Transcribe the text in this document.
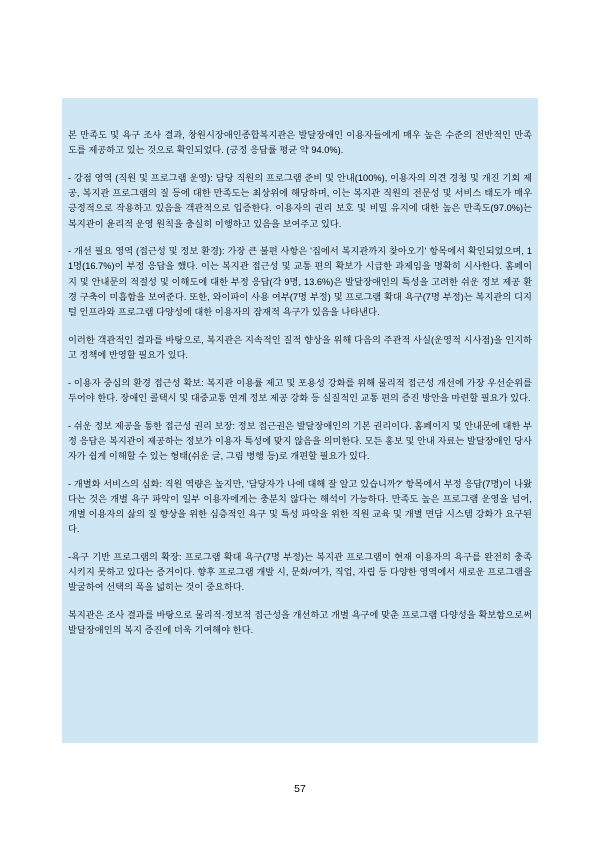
본 만족도 및 욕구 조사 결과, 창원시장애인종합복지관은 발달장애인 이용자들에게 매우 높은 수준의 전반적인 만족도를 제공하고 있는 것으로 확인되었다. (긍정 응답률 평균 약 94.0%).

- 강점 영역 (직원 및 프로그램 운영): 담당 직원의 프로그램 준비 및 안내(100%), 이용자의 의견 경청 및 개진 기회 제공, 복지관 프로그램의 질 등에 대한 만족도는 최상위에 해당하며, 이는 복지관 직원의 전문성 및 서비스 태도가 매우 긍정적으로 작용하고 있음을 객관적으로 입증한다. 이용자의 권리 보호 및 비밀 유지에 대한 높은 만족도(97.0%)는 복지관이 윤리적 운영 원칙을 충실히 이행하고 있음을 보여주고 있다.

- 개선 필요 영역 (접근성 및 정보 환경): 가장 큰 불편 사항은 '집에서 복지관까지 찾아오기' 항목에서 확인되었으며, 11명(16.7%)이 부정 응답을 했다. 이는 복지관 접근성 및 교통 편의 확보가 시급한 과제임을 명확히 시사한다. 홈페이지 및 안내문의 적절성 및 이해도에 대한 부정 응답(각 9명, 13.6%)은 발달장애인의 특성을 고려한 쉬운 정보 제공 환경 구축이 미흡함을 보여준다. 또한, 와이파이 사용 여부(7명 부정) 및 프로그램 확대 욕구(7명 부정)는 복지관의 디지털 인프라와 프로그램 다양성에 대한 이용자의 잠재적 욕구가 있음을 나타낸다.

이러한 객관적인 결과를 바탕으로, 복지관은 지속적인 질적 향상을 위해 다음의 주관적 사실(운영적 시사점)을 인지하고 정책에 반영할 필요가 있다.

- 이용자 중심의 환경 접근성 확보: 복지관 이용률 제고 및 포용성 강화를 위해 물리적 접근성 개선에 가장 우선순위를 두어야 한다. 장애인 콜택시 및 대중교통 연계 정보 제공 강화 등 실질적인 교통 편의 증진 방안을 마련할 필요가 있다.

- 쉬운 정보 제공을 통한 접근성 권리 보장: 정보 접근권은 발달장애인의 기본 권리이다. 홈페이지 및 안내문에 대한 부정 응답은 복지관이 제공하는 정보가 이용자 특성에 맞지 않음을 의미한다. 모든 홍보 및 안내 자료는 발달장애인 당사자가 쉽게 이해할 수 있는 형태(쉬운 글, 그림 병행 등)로 개편할 필요가 있다.

- 개별화 서비스의 심화: 직원 역량은 높지만, '담당자가 나에 대해 잘 알고 있습니까?' 항목에서 부정 응답(7명)이 나왔다는 것은 개별 욕구 파악이 일부 이용자에게는 충분치 않다는 해석이 가능하다. 만족도 높은 프로그램 운영을 넘어, 개별 이용자의 삶의 질 향상을 위한 심층적인 욕구 및 특성 파악을 위한 직원 교육 및 개별 면담 시스템 강화가 요구된다.

-욕구 기반 프로그램의 확장: 프로그램 확대 욕구(7명 부정)는 복지관 프로그램이 현재 이용자의 욕구를 완전히 충족시키지 못하고 있다는 증거이다. 향후 프로그램 개발 시, 문화/여가, 직업, 자립 등 다양한 영역에서 새로운 프로그램을 발굴하여 선택의 폭을 넓히는 것이 중요하다.

복지관은 조사 결과를 바탕으로 물리적·정보적 접근성을 개선하고 개별 욕구에 맞춘 프로그램 다양성을 확보함으로써 발달장애인의 복지 증진에 더욱 기여해야 한다.

57
